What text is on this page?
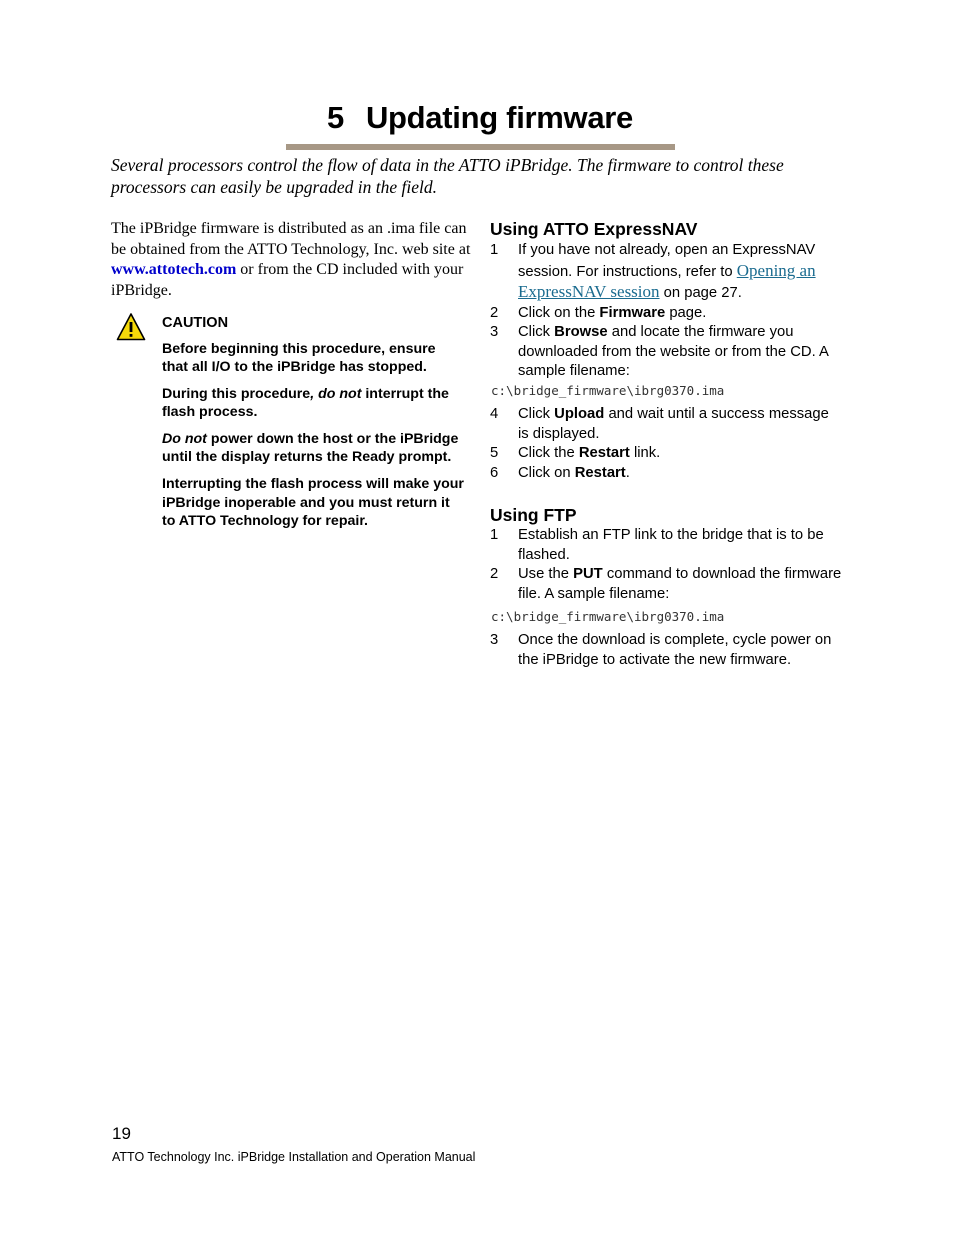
5 Updating firmware
Several processors control the flow of data in the ATTO iPBridge. The firmware to control these processors can easily be upgraded in the field.
The iPBridge firmware is distributed as an .ima file can be obtained from the ATTO Technology, Inc. web site at www.attotech.com or from the CD included with your iPBridge.
CAUTION

Before beginning this procedure, ensure that all I/O to the iPBridge has stopped.

During this procedure, do not interrupt the flash process.

Do not power down the host or the iPBridge until the display returns the Ready prompt.

Interrupting the flash process will make your iPBridge inoperable and you must return it to ATTO Technology for repair.

Using ATTO ExpressNAV
1	If you have not already, open an ExpressNAV session. For instructions, refer to Opening an ExpressNAV session on page 27.
2	Click on the Firmware page.
3	Click Browse and locate the firmware you downloaded from the website or from the CD. A sample filename:
c:\bridge_firmware\ibrg0370.ima
4	Click Upload and wait until a success message is displayed.
5	Click the Restart link.
6	Click on Restart.
Using FTP
1	Establish an FTP link to the bridge that is to be flashed.
2	Use the PUT command to download the firmware file. A sample filename:
c:\bridge_firmware\ibrg0370.ima
3	Once the download is complete, cycle power on the iPBridge to activate the new firmware.
19
ATTO Technology Inc. iPBridge Installation and Operation Manual
